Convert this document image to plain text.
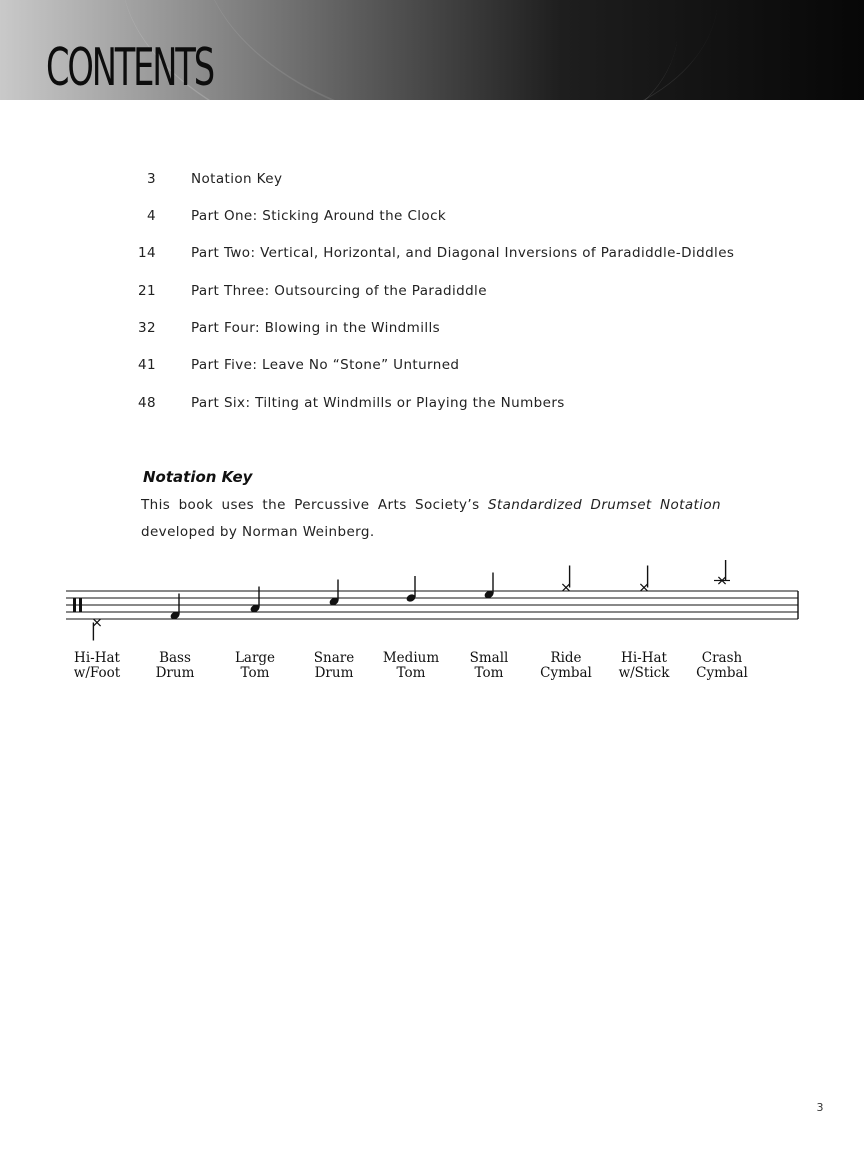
CONTENTS
3	Notation Key
4	Part One: Sticking Around the Clock
14	Part Two: Vertical, Horizontal, and Diagonal Inversions of Paradiddle-Diddles
21	Part Three: Outsourcing of the Paradiddle
32	Part Four: Blowing in the Windmills
41	Part Five: Leave No “Stone” Unturned
48	Part Six: Tilting at Windmills or Playing the Numbers
Notation Key
This book uses the Percussive Arts Society’s Standardized Drumset Notation developed by Norman Weinberg.
Hi-Hat
w/Foot
Bass
Drum
Large
Tom
Snare
Drum
Medium
Tom
Small
Tom
Ride
Cymbal
Hi-Hat
w/Stick
Crash
Cymbal
3
